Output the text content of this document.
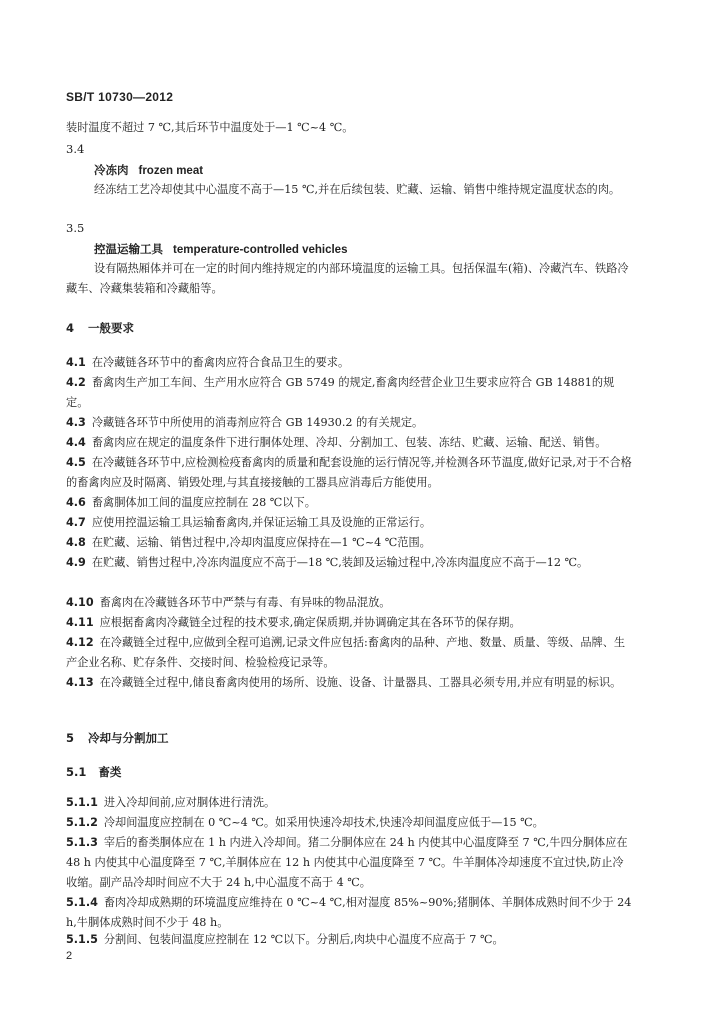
SB/T 10730—2012

装时温度不超过 7 ℃,其后环节中温度处于—1 ℃~4 ℃。

3.4
冷冻肉 frozen meat

经冻结工艺冷却使其中心温度不高于—15 ℃,并在后续包装、贮藏、运输、销售中维持规定温度状态的肉。

3.5
控温运输工具 temperature-controlled vehicles

设有隔热厢体并可在一定的时间内维持规定的内部环境温度的运输工具。包括保温车(箱)、冷藏汽车、铁路冷藏车、冷藏集装箱和冷藏船等。

4 一般要求

4.1 在冷藏链各环节中的畜禽肉应符合食品卫生的要求。

4.2 畜禽肉生产加工车间、生产用水应符合 GB 5749 的规定,畜禽肉经营企业卫生要求应符合 GB 14881的规定。

4.3 冷藏链各环节中所使用的消毒剂应符合 GB 14930.2 的有关规定。

4.4 畜禽肉应在规定的温度条件下进行胴体处理、冷却、分割加工、包装、冻结、贮藏、运输、配送、销售。

4.5 在冷藏链各环节中,应检测检疫畜禽肉的质量和配套设施的运行情况等,并检测各环节温度,做好记录,对于不合格的畜禽肉应及时隔离、销毁处理,与其直接接触的工器具应消毒后方能使用。

4.6 畜禽胴体加工间的温度应控制在 28 ℃以下。

4.7 应使用控温运输工具运输畜禽肉,并保证运输工具及设施的正常运行。

4.8 在贮藏、运输、销售过程中,冷却肉温度应保持在—1 ℃~4 ℃范围。

4.9 在贮藏、销售过程中,冷冻肉温度应不高于—18 ℃,装卸及运输过程中,冷冻肉温度应不高于—12 ℃。

4.10 畜禽肉在冷藏链各环节中严禁与有毒、有异味的物品混放。

4.11 应根据畜禽肉冷藏链全过程的技术要求,确定保质期,并协调确定其在各环节的保存期。

4.12 在冷藏链全过程中,应做到全程可追溯,记录文件应包括:畜禽肉的品种、产地、数量、质量、等级、品牌、生产企业名称、贮存条件、交接时间、检验检疫记录等。

4.13 在冷藏链全过程中,储良畜禽肉使用的场所、设施、设备、计量器具、工器具必须专用,并应有明显的标识。

5 冷却与分割加工
5.1 畜类

5.1.1 进入冷却间前,应对胴体进行清洗。

5.1.2 冷却间温度应控制在 0 ℃~4 ℃。如采用快速冷却技术,快速冷却间温度应低于—15 ℃。

5.1.3 宰后的畜类胴体应在 1 h 内进入冷却间。猪二分胴体应在 24 h 内使其中心温度降至 7 ℃,牛四分胴体应在 48 h 内使其中心温度降至 7 ℃,羊胴体应在 12 h 内使其中心温度降至 7 ℃。牛羊胴体冷却速度不宜过快,防止冷收缩。副产品冷却时间应不大于 24 h,中心温度不高于 4 ℃。

5.1.4 畜肉冷却成熟期的环境温度应维持在 0 ℃~4 ℃,相对湿度 85%~90%;猪胴体、羊胴体成熟时间不少于 24 h,牛胴体成熟时间不少于 48 h。

5.1.5 分割间、包装间温度应控制在 12 ℃以下。分割后,肉块中心温度不应高于 7 ℃。

2
